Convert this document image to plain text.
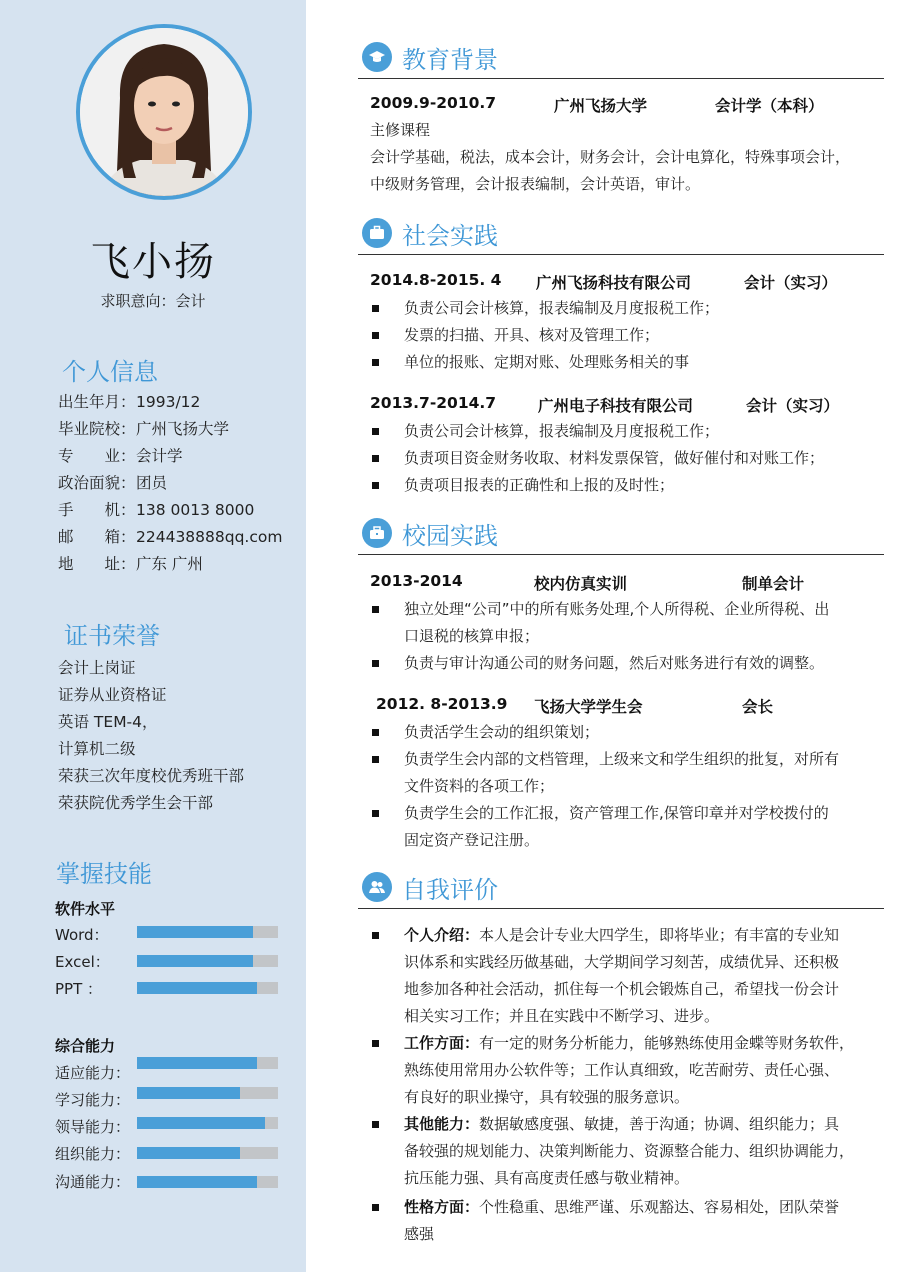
飞小扬
求职意向：会计
个人信息
出生年月：1993/12
毕业院校：广州飞扬大学
专　　业：会计学
政治面貌：团员
手　　机：138 0013 8000
邮　　箱：224438888qq.com
地　　址：广东 广州
证书荣誉
会计上岗证
证券从业资格证
英语 TEM-4，
计算机二级
荣获三次年度校优秀班干部
荣获院优秀学生会干部
掌握技能
软件水平
Word：
Excel：
PPT ：
综合能力
适应能力：
学习能力：
领导能力：
组织能力：
沟通能力：
教育背景
2009.9-2010.7	广州飞扬大学	会计学（本科）
主修课程
会计学基础，税法，成本会计，财务会计，会计电算化，特殊事项会计，
中级财务管理，会计报表编制，会计英语，审计。
社会实践
2014.8-2015. 4 广州飞扬科技有限公司	会计（实习）
负责公司会计核算，报表编制及月度报税工作；
发票的扫描、开具、核对及管理工作；
单位的报账、定期对账、处理账务相关的事
2013.7-2014.7	广州电子科技有限公司	会计（实习）
负责公司会计核算，报表编制及月度报税工作；
负责项目资金财务收取、材料发票保管，做好催付和对账工作；
负责项目报表的正确性和上报的及时性；
校园实践
2013-2014	校内仿真实训	制单会计
独立处理“公司”中的所有账务处理,个人所得税、企业所得税、出
口退税的核算申报；
负责与审计沟通公司的财务问题，然后对账务进行有效的调整。
2012. 8-2013.9 飞扬大学学生会	会长
负责活学生会动的组织策划；
负责学生会内部的文档管理，上级来文和学生组织的批复，对所有
文件资料的各项工作；
负责学生会的工作汇报，资产管理工作,保管印章并对学校拨付的
固定资产登记注册。
自我评价
个人介绍：本人是会计专业大四学生，即将毕业；有丰富的专业知
识体系和实践经历做基础，大学期间学习刻苦，成绩优异、还积极
地参加各种社会活动，抓住每一个机会锻炼自己，希望找一份会计
相关实习工作；并且在实践中不断学习、进步。
工作方面：有一定的财务分析能力，能够熟练使用金蝶等财务软件，
熟练使用常用办公软件等；工作认真细致，吃苦耐劳、责任心强、
有良好的职业操守，具有较强的服务意识。
其他能力：数据敏感度强、敏捷，善于沟通；协调、组织能力；具
备较强的规划能力、决策判断能力、资源整合能力、组织协调能力，
抗压能力强、具有高度责任感与敬业精神。
性格方面：个性稳重、思维严谨、乐观豁达、容易相处，团队荣誉
感强
